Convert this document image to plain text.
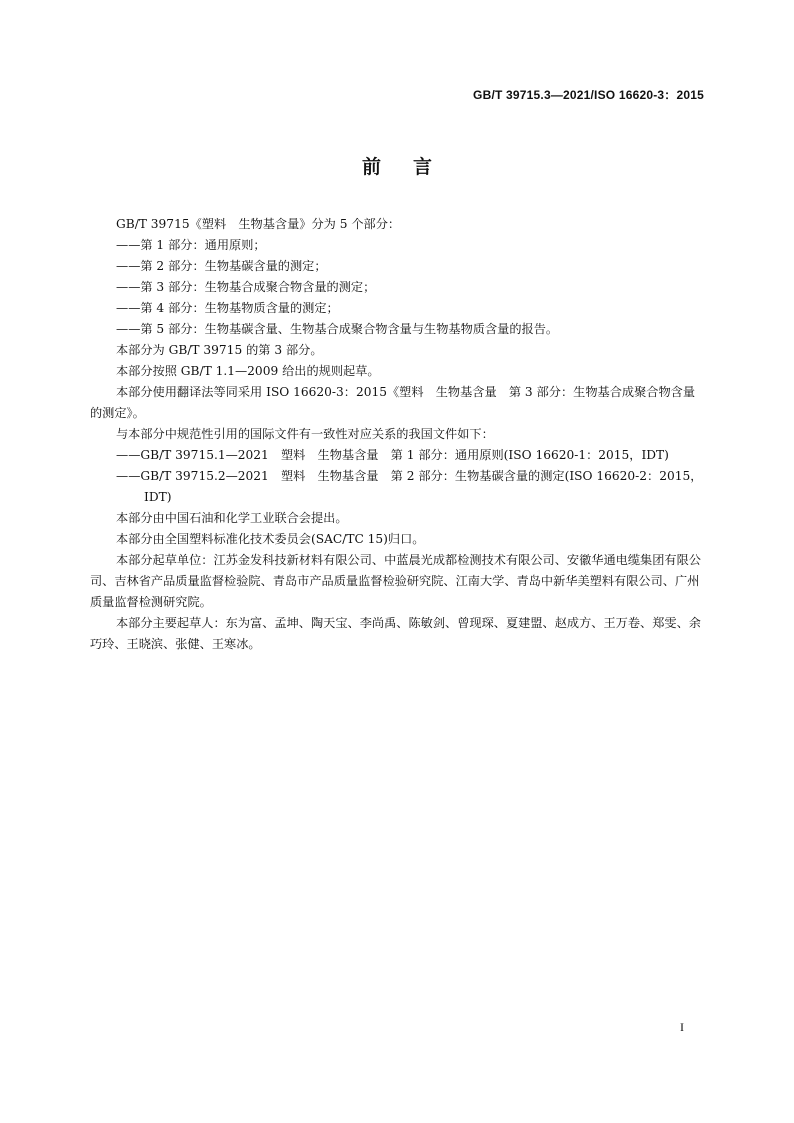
GB/T 39715.3—2021/ISO 16620-3：2015
前言

GB/T 39715《塑料　生物基含量》分为 5 个部分：

——第 1 部分：通用原则；

——第 2 部分：生物基碳含量的测定；

——第 3 部分：生物基合成聚合物含量的测定；

——第 4 部分：生物基物质含量的测定；

——第 5 部分：生物基碳含量、生物基合成聚合物含量与生物基物质含量的报告。

本部分为 GB/T 39715 的第 3 部分。

本部分按照 GB/T 1.1—2009 给出的规则起草。

本部分使用翻译法等同采用 ISO 16620-3：2015《塑料　生物基含量　第 3 部分：生物基合成聚合物含量的测定》。

与本部分中规范性引用的国际文件有一致性对应关系的我国文件如下：

——GB/T 39715.1—2021　塑料　生物基含量　第 1 部分：通用原则(ISO 16620-1：2015，IDT)

——GB/T 39715.2—2021　塑料　生物基含量　第 2 部分：生物基碳含量的测定(ISO 16620-2：2015，IDT)

本部分由中国石油和化学工业联合会提出。

本部分由全国塑料标准化技术委员会(SAC/TC 15)归口。

本部分起草单位：江苏金发科技新材料有限公司、中蓝晨光成都检测技术有限公司、安徽华通电缆集团有限公司、吉林省产品质量监督检验院、青岛市产品质量监督检验研究院、江南大学、青岛中新华美塑料有限公司、广州质量监督检测研究院。

本部分主要起草人：东为富、孟坤、陶天宝、李尚禹、陈敏剑、曾现琛、夏建盟、赵成方、王万卷、郑雯、余巧玲、王晓滨、张健、王寒冰。

I
